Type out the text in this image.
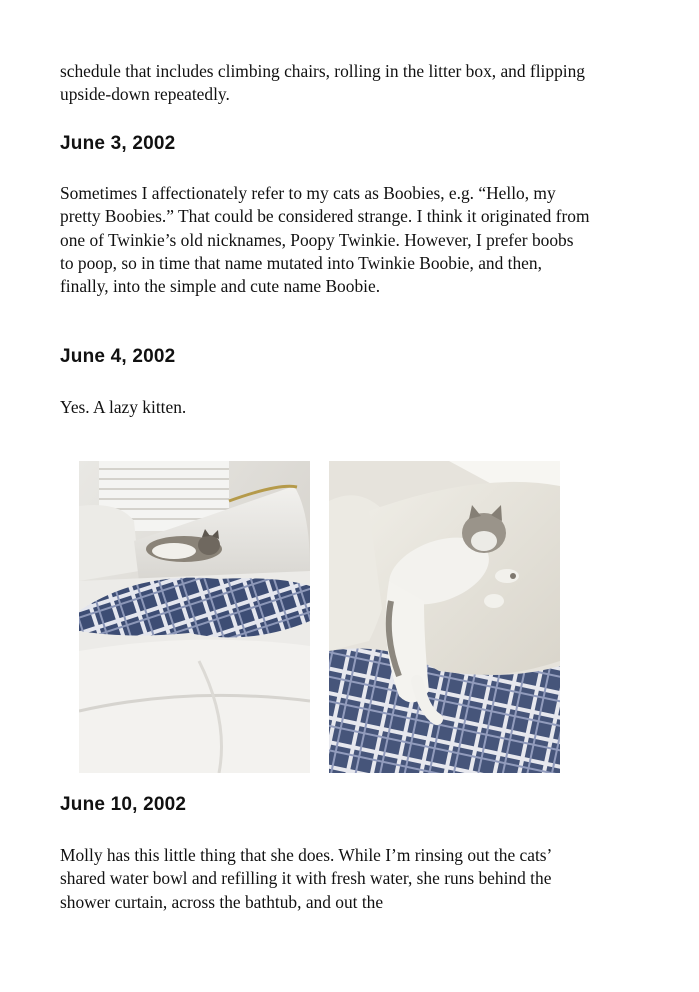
schedule that includes climbing chairs, rolling in the litter box, and flipping upside-down repeatedly.

June 3, 2002

Sometimes I affectionately refer to my cats as Boobies, e.g. “Hello, my pretty Boobies.” That could be considered strange. I think it originated from one of Twinkie’s old nicknames, Poopy Twinkie. However, I prefer boobs to poop, so in time that name mutated into Twinkie Boobie, and then, finally, into the simple and cute name Boobie.

June 4, 2002

Yes. A lazy kitten.

June 10, 2002

Molly has this little thing that she does. While I’m rinsing out the cats’ shared water bowl and refilling it with fresh water, she runs behind the shower curtain, across the bathtub, and out the
